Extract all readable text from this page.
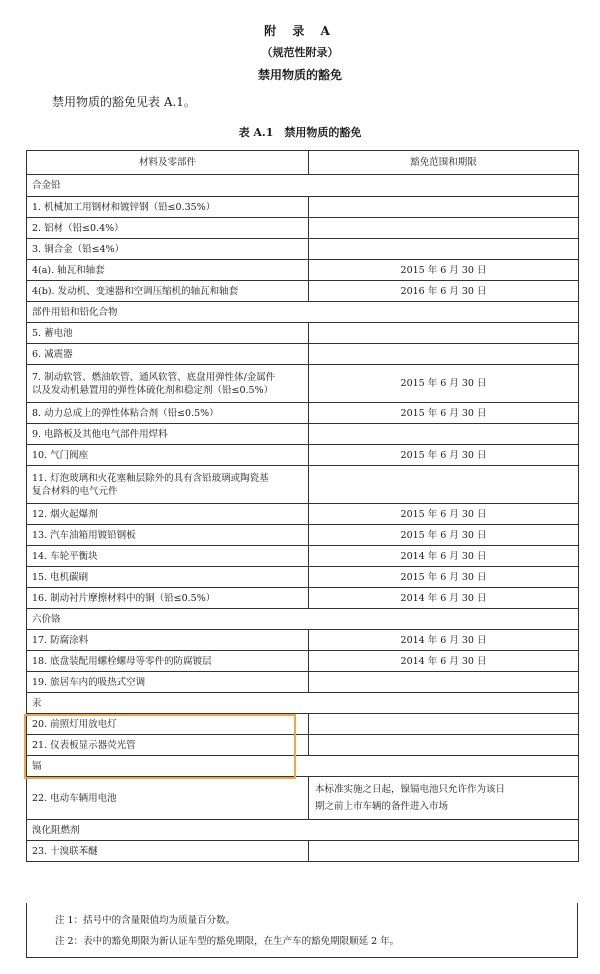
附 录 A
（规范性附录）
禁用物质的豁免
禁用物质的豁免见表 A.1。
表 A.1　禁用物质的豁免
材料及零部件	豁免范围和期限
合金铅	
1. 机械加工用钢材和镀锌钢（铅≤0.35%）	
2. 铝材（铅≤0.4%）	
3. 铜合金（铅≤4%）	
4(a). 轴瓦和轴套	2015 年 6 月 30 日
4(b). 发动机、变速器和空调压缩机的轴瓦和轴套	2016 年 6 月 30 日
部件用铅和铅化合物	
5. 蓄电池	
6. 减震器	

7. 制动软管、燃油软管、通风软管、底盘用弹性体/金属件
以及发动机悬置用的弹性体硫化剂和稳定剂（铅≤0.5%）	2015 年 6 月 30 日
8. 动力总成上的弹性体粘合剂（铅≤0.5%）	2015 年 6 月 30 日
9. 电路板及其他电气部件用焊料	
10. 气门阀座	2015 年 6 月 30 日

11. 灯泡玻璃和火花塞釉层除外的具有含铅玻璃或陶瓷基
复合材料的电气元件	

12. 烟火起爆剂	2015 年 6 月 30 日
13. 汽车油箱用镀铅钢板	2015 年 6 月 30 日
14. 车轮平衡块	2014 年 6 月 30 日
15. 电机碳刷	2015 年 6 月 30 日
16. 制动衬片摩擦材料中的铜（铅≤0.5%）	2014 年 6 月 30 日
六价铬	
17. 防腐涂料	2014 年 6 月 30 日
18. 底盘装配用螺栓螺母等零件的防腐镀层	2014 年 6 月 30 日
19. 旅居车内的吸热式空调	
汞	
20. 前照灯用放电灯	
21. 仪表板显示器荧光管	
镉	
22. 电动车辆用电池	本标准实施之日起，镍镉电池只允许作为该日
期之前上市车辆的备件进入市场

溴化阻燃剂	
23. 十溴联苯醚	
注 1：括号中的含量限值均为质量百分数。
注 2：表中的豁免期限为新认证车型的豁免期限，在生产车的豁免期限顺延 2 年。
